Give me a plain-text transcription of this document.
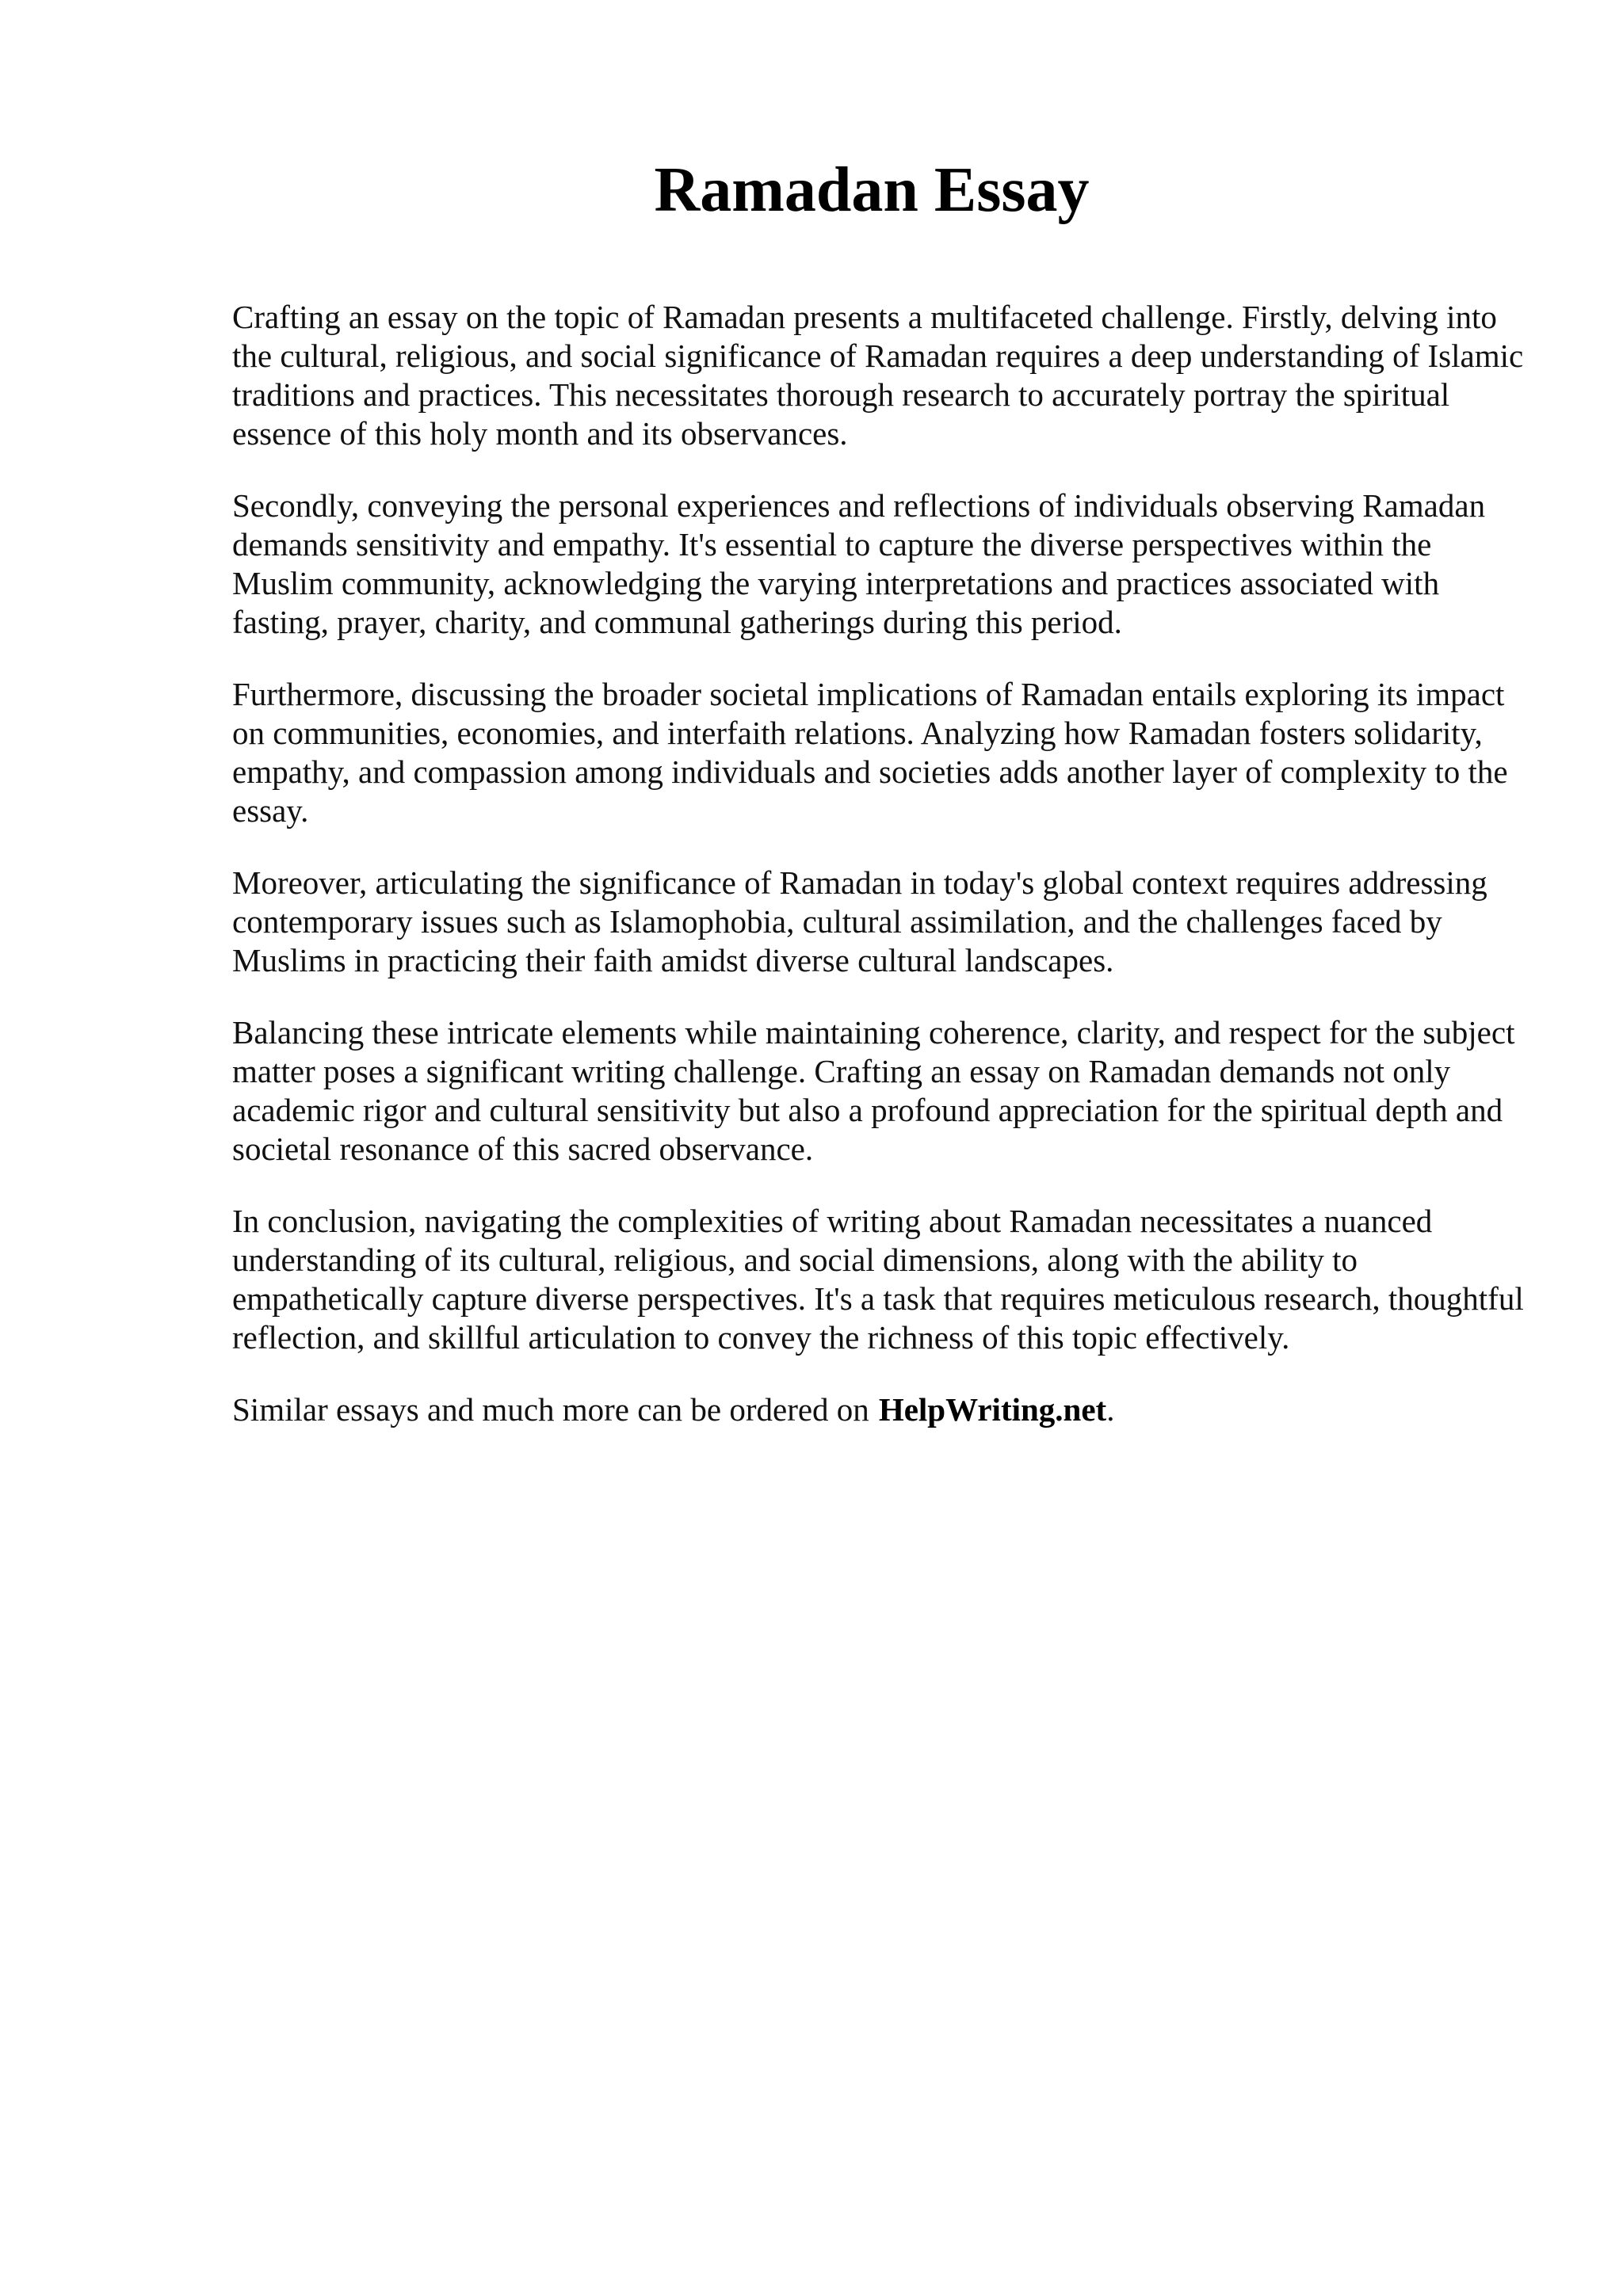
Ramadan Essay

Crafting an essay on the topic of Ramadan presents a multifaceted challenge. Firstly, delving into the cultural, religious, and social significance of Ramadan requires a deep understanding of Islamic traditions and practices. This necessitates thorough research to accurately portray the spiritual essence of this holy month and its observances.

Secondly, conveying the personal experiences and reflections of individuals observing Ramadan demands sensitivity and empathy. It's essential to capture the diverse perspectives within the Muslim community, acknowledging the varying interpretations and practices associated with fasting, prayer, charity, and communal gatherings during this period.

Furthermore, discussing the broader societal implications of Ramadan entails exploring its impact on communities, economies, and interfaith relations. Analyzing how Ramadan fosters solidarity, empathy, and compassion among individuals and societies adds another layer of complexity to the essay.

Moreover, articulating the significance of Ramadan in today's global context requires addressing contemporary issues such as Islamophobia, cultural assimilation, and the challenges faced by Muslims in practicing their faith amidst diverse cultural landscapes.

Balancing these intricate elements while maintaining coherence, clarity, and respect for the subject matter poses a significant writing challenge. Crafting an essay on Ramadan demands not only academic rigor and cultural sensitivity but also a profound appreciation for the spiritual depth and societal resonance of this sacred observance.

In conclusion, navigating the complexities of writing about Ramadan necessitates a nuanced understanding of its cultural, religious, and social dimensions, along with the ability to empathetically capture diverse perspectives. It's a task that requires meticulous research, thoughtful reflection, and skillful articulation to convey the richness of this topic effectively.

Similar essays and much more can be ordered on HelpWriting.net.
